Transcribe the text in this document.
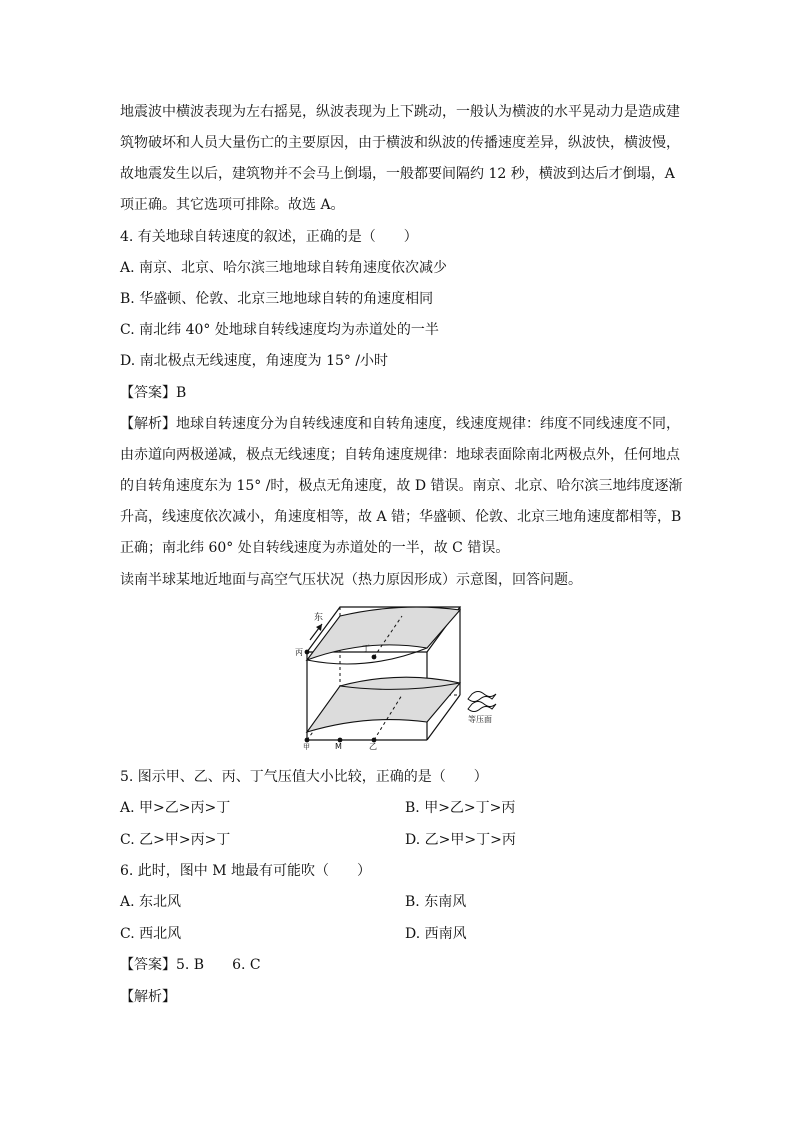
地震波中横波表现为左右摇晃，纵波表现为上下跳动，一般认为横波的水平晃动力是造成建
筑物破坏和人员大量伤亡的主要原因，由于横波和纵波的传播速度差异，纵波快，横波慢，
故地震发生以后，建筑物并不会马上倒塌，一般都要间隔约 12 秒，横波到达后才倒塌，A
项正确。其它选项可排除。故选 A。
4. 有关地球自转速度的叙述，正确的是（　　）
A. 南京、北京、哈尔滨三地地球自转角速度依次减少
B. 华盛顿、伦敦、北京三地地球自转的角速度相同
C. 南北纬 40° 处地球自转线速度均为赤道处的一半
D. 南北极点无线速度，角速度为 15° /小时
【答案】B
【解析】地球自转速度分为自转线速度和自转角速度，线速度规律：纬度不同线速度不同，
由赤道向两极递减，极点无线速度；自转角速度规律：地球表面除南北两极点外，任何地点
的自转角速度东为 15° /时，极点无角速度，故 D 错误。南京、北京、哈尔滨三地纬度逐渐
升高，线速度依次减小，角速度相等，故 A 错；华盛顿、伦敦、北京三地角速度都相等，B
正确；南北纬 60° 处自转线速度为赤道处的一半，故 C 错误。
读南半球某地近地面与高空气压状况（热力原因形成）示意图，回答问题。
东
丙	丁
甲	M	乙
等压面
5. 图示甲、乙、丙、丁气压值大小比较，正确的是（　　）
A. 甲>乙>丙>丁	B. 甲>乙>丁>丙
C. 乙>甲>丙>丁	D. 乙>甲>丁>丙
6. 此时，图中 M 地最有可能吹（　　）
A. 东北风	B. 东南风
C. 西北风	D. 西南风
【答案】5. B　　6. C
【解析】
